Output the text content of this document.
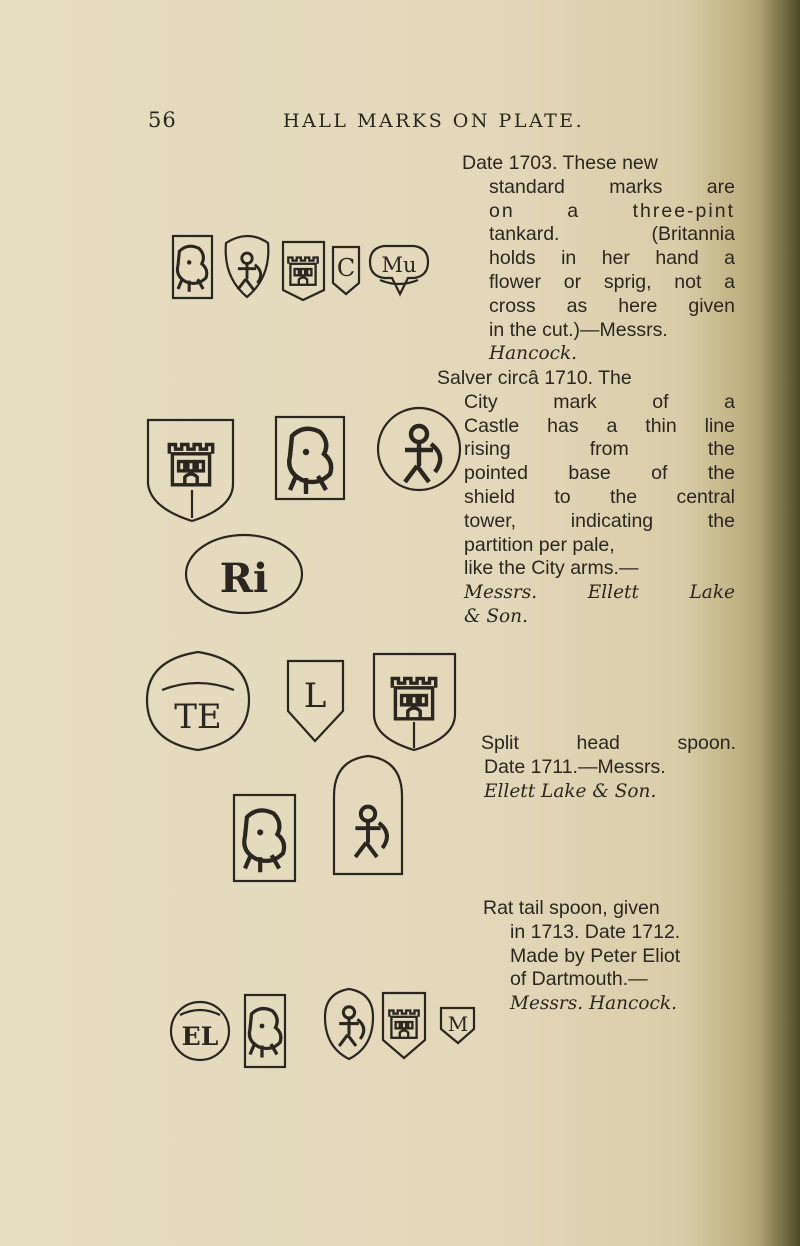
56	HALL MARKS ON PLATE.
Date 1703. These new
standard marks are
on a three-pint
tankard. (Britannia
holds in her hand a
flower or sprig, not a
cross as here given
in the cut.)—Messrs.
Hancock.
Salver circâ 1710. The
City mark of a
Castle has a thin line
rising from the
pointed base of the
shield to the central
tower, indicating the
partition per pale,
like the City arms.—
Messrs. Ellett Lake
& Son.
Split head spoon.
Date 1711.—Messrs.
Ellett Lake & Son.
Rat tail spoon, given
in 1713. Date 1712.
Made by Peter Eliot
of Dartmouth.—
Messrs. Hancock.
C Mu
Ri
TE
L
EL	M
